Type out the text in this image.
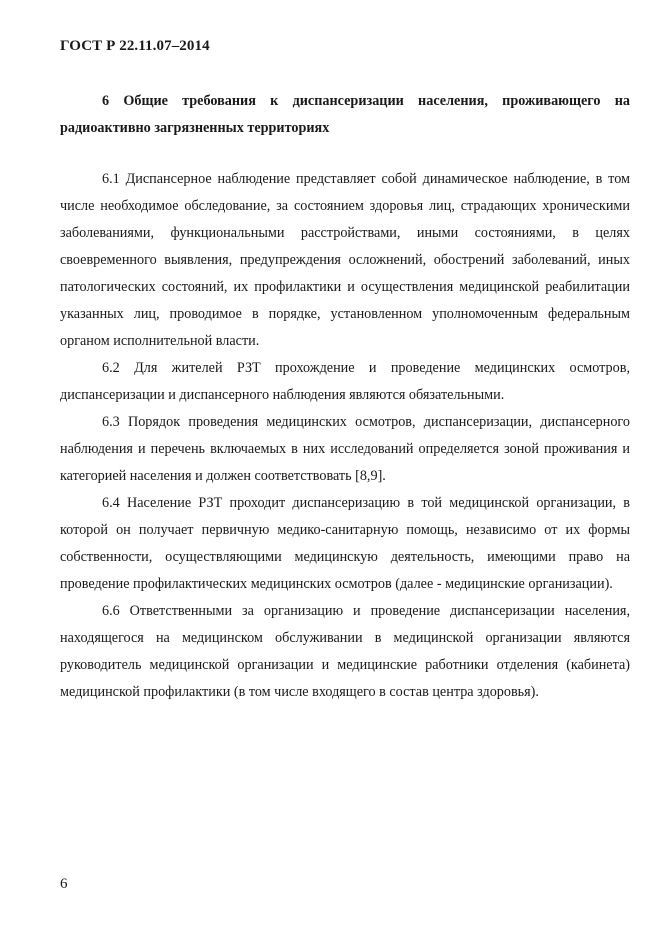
ГОСТ Р 22.11.07–2014
6 Общие требования к диспансеризации населения, проживающего на радиоактивно загрязненных территориях

6.1 Диспансерное наблюдение представляет собой динамическое наблюдение, в том числе необходимое обследование, за состоянием здоровья лиц, страдающих хроническими заболеваниями, функциональными расстройствами, иными состояниями, в целях своевременного выявления, предупреждения осложнений, обострений заболеваний, иных патологических состояний, их профилактики и осуществления медицинской реабилитации указанных лиц, проводимое в порядке, установленном уполномоченным федеральным органом исполнительной власти.

6.2 Для жителей РЗТ прохождение и проведение медицинских осмотров, диспансеризации и диспансерного наблюдения являются обязательными.

6.3 Порядок проведения медицинских осмотров, диспансеризации, диспансерного наблюдения и перечень включаемых в них исследований определяется зоной проживания и категорией населения и должен соответствовать [8,9].

6.4 Население РЗТ проходит диспансеризацию в той медицинской организации, в которой он получает первичную медико-санитарную помощь, независимо от их формы собственности, осуществляющими медицинскую деятельность, имеющими право на проведение профилактических медицинских осмотров (далее - медицинские организации).

6.6 Ответственными за организацию и проведение диспансеризации населения, находящегося на медицинском обслуживании в медицинской организации являются руководитель медицинской организации и медицинские работники отделения (кабинета) медицинской профилактики (в том числе входящего в состав центра здоровья).

6
